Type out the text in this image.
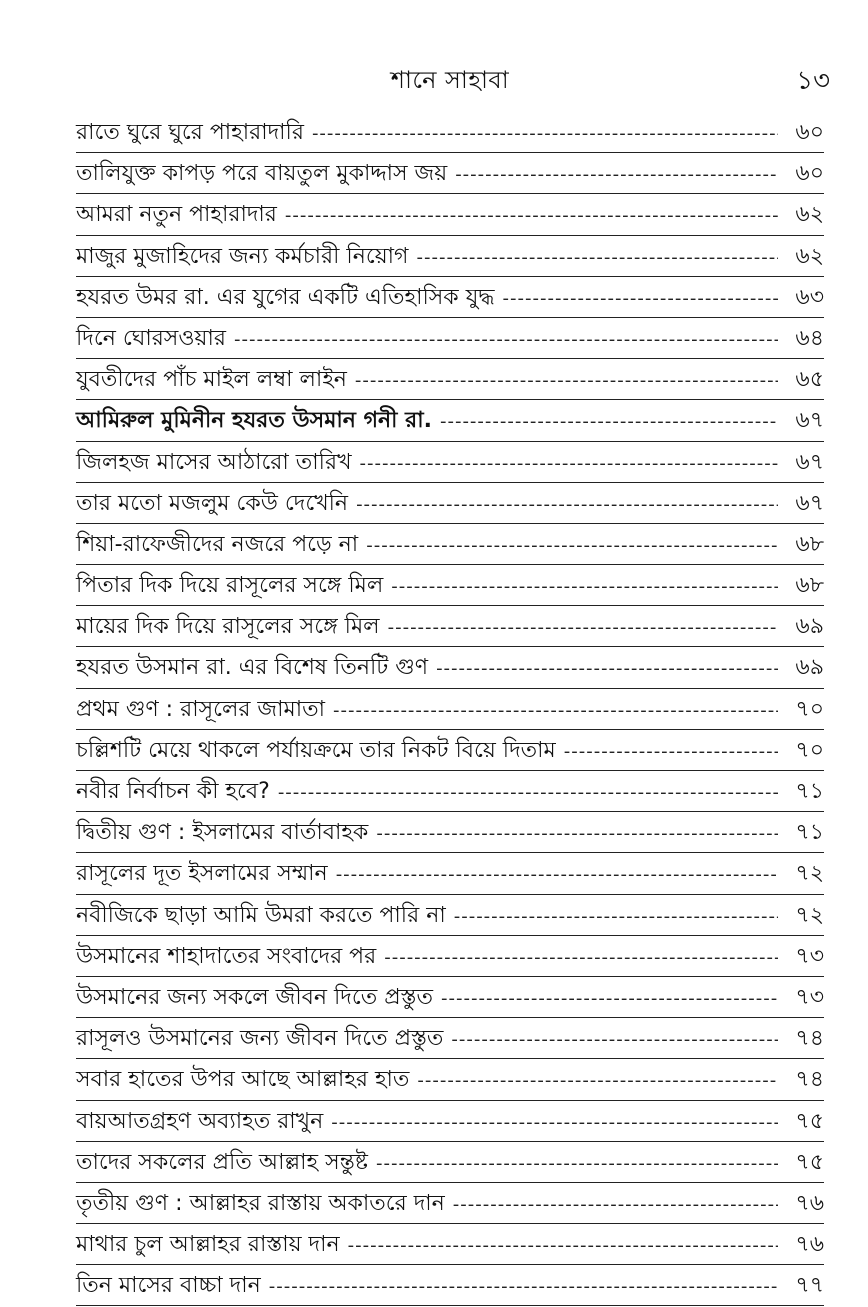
শানে সাহাবা	১৩
রাতে ঘুরে ঘুরে পাহারাদারি -----	৬০
তালিযুক্ত কাপড় পরে বায়তুল মুকাদ্দাস জয় -----	৬০
আমরা নতুন পাহারাদার -----	৬২
মাজুর মুজাহিদের জন্য কর্মচারী নিয়োগ -----	৬২
হযরত উমর রা. এর যুগের একটি এতিহাসিক যুদ্ধ -----	৬৩
দিনে ঘোরসওয়ার -----	৬৪
যুবতীদের পাঁচ মাইল লম্বা লাইন -----	৬৫
আমিরুল মুমিনীন হযরত উসমান গনী রা. -----	৬৭
জিলহজ মাসের আঠারো তারিখ -----	৬৭
তার মতো মজলুম কেউ দেখেনি -----	৬৭
শিয়া-রাফেজীদের নজরে পড়ে না -----	৬৮
পিতার দিক দিয়ে রাসূলের সঙ্গে মিল -----	৬৮
মায়ের দিক দিয়ে রাসূলের সঙ্গে মিল -----	৬৯
হযরত উসমান রা. এর বিশেষ তিনটি গুণ -----	৬৯
প্রথম গুণ : রাসূলের জামাতা -----	৭০
চল্লিশটি মেয়ে থাকলে পর্যায়ক্রমে তার নিকট বিয়ে দিতাম -----	৭০
নবীর নির্বাচন কী হবে? -----	৭১
দ্বিতীয় গুণ : ইসলামের বার্তাবাহক -----	৭১
রাসূলের দূত ইসলামের সম্মান -----	৭২
নবীজিকে ছাড়া আমি উমরা করতে পারি না -----	৭২
উসমানের শাহাদাতের সংবাদের পর -----	৭৩
উসমানের জন্য সকলে জীবন দিতে প্রস্তুত -----	৭৩
রাসূলও উসমানের জন্য জীবন দিতে প্রস্তুত -----	৭৪
সবার হাতের উপর আছে আল্লাহর হাত -----	৭৪
বায়আতগ্রহণ অব্যাহত রাখুন -----	৭৫
তাদের সকলের প্রতি আল্লাহ সন্তুষ্ট -----	৭৫
তৃতীয় গুণ : আল্লাহর রাস্তায় অকাতরে দান -----	৭৬
মাথার চুল আল্লাহর রাস্তায় দান -----	৭৬
তিন মাসের বাচ্চা দান -----	৭৭
